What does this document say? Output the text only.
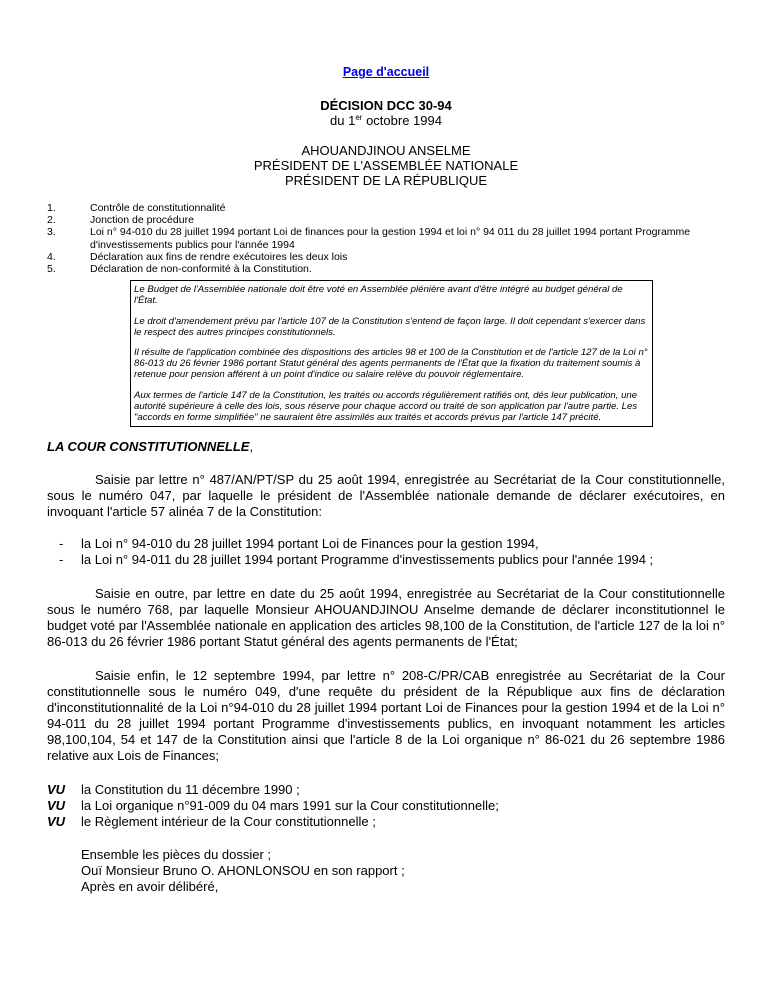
Page d'accueil
DÉCISION DCC 30-94
du 1er octobre 1994
AHOUANDJINOU ANSELME
PRÉSIDENT DE L'ASSEMBLÉE NATIONALE
PRÉSIDENT DE LA RÉPUBLIQUE
1.	Contrôle de constitutionnalité
2.	Jonction de procédure
3.	Loi n° 94-010 du 28 juillet 1994 portant Loi de finances pour la gestion 1994 et loi n° 94 011 du 28 juillet 1994 portant Programme d'investissements publics pour l'année 1994
4.	Déclaration aux fins de rendre exécutoires les deux lois
5.	Déclaration de non-conformité à la Constitution.

Le Budget de l'Assemblée nationale doit être voté en Assemblée plénière avant d'être intégré au budget général de l'État.

Le droit d'amendement prévu par l'article 107 de la Constitution s'entend de façon large. Il doit cependant s'exercer dans le respect des autres principes constitutionnels.

Il résulte de l'application combinée des dispositions des articles 98 et 100 de la Constitution et de l'article 127 de la Loi n° 86-013 du 26 février 1986 portant Statut général des agents permanents de l'État que la fixation du traitement soumis à retenue pour pension afférent à un point d'indice ou salaire relève du pouvoir réglementaire.

Aux termes de l'article 147 de la Constitution, les traités ou accords régulièrement ratifiés ont, dés leur publication, une autorité supérieure à celle des lois, sous réserve pour chaque accord ou traité de son application par l'autre partie. Les "accords en forme simplifiée" ne sauraient être assimilés aux traités et accords prévus par l'article 147 précité.

LA COUR CONSTITUTIONNELLE,
Saisie par lettre n° 487/AN/PT/SP du 25 août 1994, enregistrée au Secrétariat de la Cour constitutionnelle, sous le numéro 047, par laquelle le président de l'Assemblée nationale demande de déclarer exécutoires, en invoquant l'article 57 alinéa 7 de la Constitution:
-	la Loi n° 94-010 du 28 juillet 1994 portant Loi de Finances pour la gestion 1994,
-	la Loi n° 94-011 du 28 juillet 1994 portant Programme d'investissements publics pour l'année 1994 ;
Saisie en outre, par lettre en date du 25 août 1994, enregistrée au Secrétariat de la Cour constitutionnelle sous le numéro 768, par laquelle Monsieur AHOUANDJINOU Anselme demande de déclarer inconstitutionnel le budget voté par l'Assemblée nationale en application des articles 98,100 de la Constitution, de l'article 127 de la loi n° 86-013 du 26 février 1986 portant Statut général des agents permanents de l'État;
Saisie enfin, le 12 septembre 1994, par lettre n° 208-C/PR/CAB enregistrée au Secrétariat de la Cour constitutionnelle sous le numéro 049, d'une requête du président de la République aux fins de déclaration d'inconstitutionnalité de la Loi n°94-010 du 28 juillet 1994 portant Loi de Finances pour la gestion 1994 et de la Loi n° 94-011 du 28 juillet 1994 portant Programme d'investissements publics, en invoquant notamment les articles 98,100,104, 54 et 147 de la Constitution ainsi que l'article 8 de la Loi organique n° 86-021 du 26 septembre 1986 relative aux Lois de Finances;
VU	la Constitution du 11 décembre 1990 ;
VU	la Loi organique n°91-009 du 04 mars 1991 sur la Cour constitutionnelle;
VU	le Règlement intérieur de la Cour constitutionnelle ;
Ensemble les pièces du dossier ;
Ouï Monsieur Bruno O. AHONLONSOU en son rapport ;
Après en avoir délibéré,
